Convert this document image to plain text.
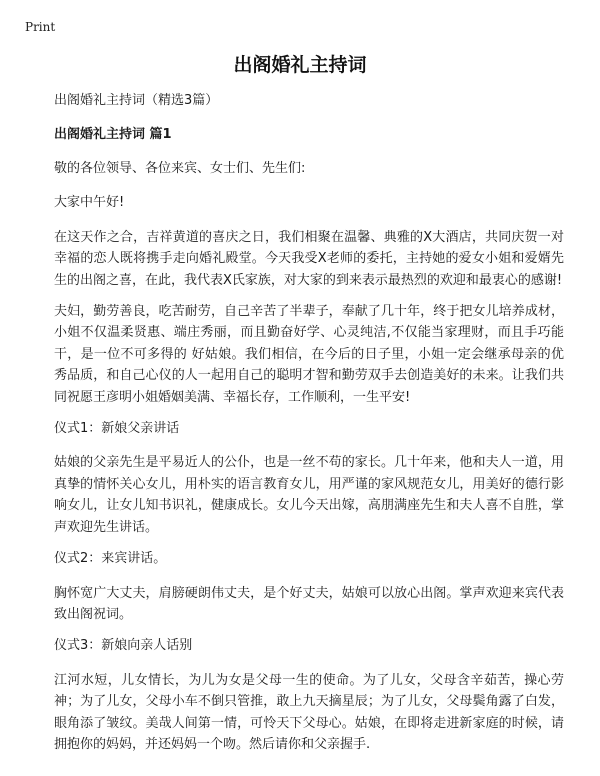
Print
出阁婚礼主持词

出阁婚礼主持词（精选3篇）

出阁婚礼主持词 篇1

敬的各位领导、各位来宾、女士们、先生们:

大家中午好!

在这天作之合，吉祥黄道的喜庆之日，我们相聚在温馨、典雅的X大酒店，共同庆贺一对幸福的恋人既将携手走向婚礼殿堂。今天我受X老师的委托，主持她的爱女小姐和爱婿先生的出阁之喜，在此，我代表X氏家族，对大家的到来表示最热烈的欢迎和最衷心的感谢!

夫妇，勤劳善良，吃苦耐劳，自己辛苦了半辈子，奉献了几十年，终于把女儿培养成材，小姐不仅温柔贤惠、端庄秀丽，而且勤奋好学、心灵纯洁,不仅能当家理财，而且手巧能干，是一位不可多得的 好姑娘。我们相信，在今后的日子里，小姐一定会继承母亲的优秀品质，和自己心仪的人一起用自己的聪明才智和勤劳双手去创造美好的未来。让我们共同祝愿王彦明小姐婚姻美满、幸福长存，工作顺利，一生平安!

仪式1：新娘父亲讲话

姑娘的父亲先生是平易近人的公仆，也是一丝不苟的家长。几十年来，他和夫人一道，用真挚的情怀关心女儿，用朴实的语言教育女儿，用严谨的家风规范女儿，用美好的德行影响女儿，让女儿知书识礼，健康成长。女儿今天出嫁，高朋满座先生和夫人喜不自胜，掌声欢迎先生讲话。

仪式2：来宾讲话。

胸怀宽广大丈夫，肩膀硬朗伟丈夫，是个好丈夫，姑娘可以放心出阁。掌声欢迎来宾代表致出阁祝词。

仪式3：新娘向亲人话别

江河水短，儿女情长，为儿为女是父母一生的使命。为了儿女，父母含辛茹苦，操心劳神；为了儿女，父母小车不倒只管推，敢上九天摘星辰；为了儿女，父母鬓角露了白发，眼角添了皱纹。美哉人间第一情，可怜天下父母心。姑娘，在即将走进新家庭的时候，请拥抱你的妈妈，并还妈妈一个吻。然后请你和父亲握手.
